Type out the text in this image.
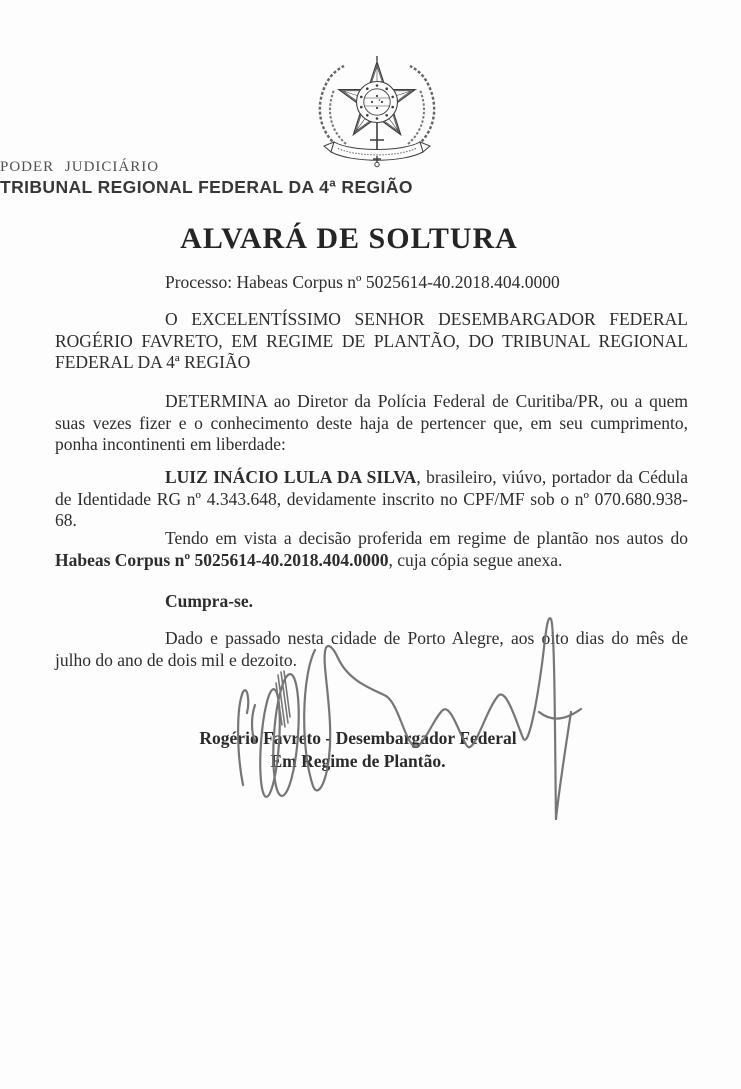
PODER JUDICIÁRIO
TRIBUNAL REGIONAL FEDERAL DA 4ª REGIÃO
ALVARÁ DE SOLTURA

Processo: Habeas Corpus nº 5025614-40.2018.404.0000

O EXCELENTÍSSIMO SENHOR DESEMBARGADOR FEDERAL ROGÉRIO FAVRETO, EM REGIME DE PLANTÃO, DO TRIBUNAL REGIONAL FEDERAL DA 4ª REGIÃO

DETERMINA ao Diretor da Polícia Federal de Curitiba/PR, ou a quem suas vezes fizer e o conhecimento deste haja de pertencer que, em seu cumprimento, ponha incontinenti em liberdade:

LUIZ INÁCIO LULA DA SILVA, brasileiro, viúvo, portador da Cédula de Identidade RG nº 4.343.648, devidamente inscrito no CPF/MF sob o nº 070.680.938-68.

Tendo em vista a decisão proferida em regime de plantão nos autos do Habeas Corpus nº 5025614-40.2018.404.0000, cuja cópia segue anexa.

Cumpra-se.

Dado e passado nesta cidade de Porto Alegre, aos oito dias do mês de julho do ano de dois mil e dezoito.

Rogério Favreto - Desembargador Federal
Em Regime de Plantão.
